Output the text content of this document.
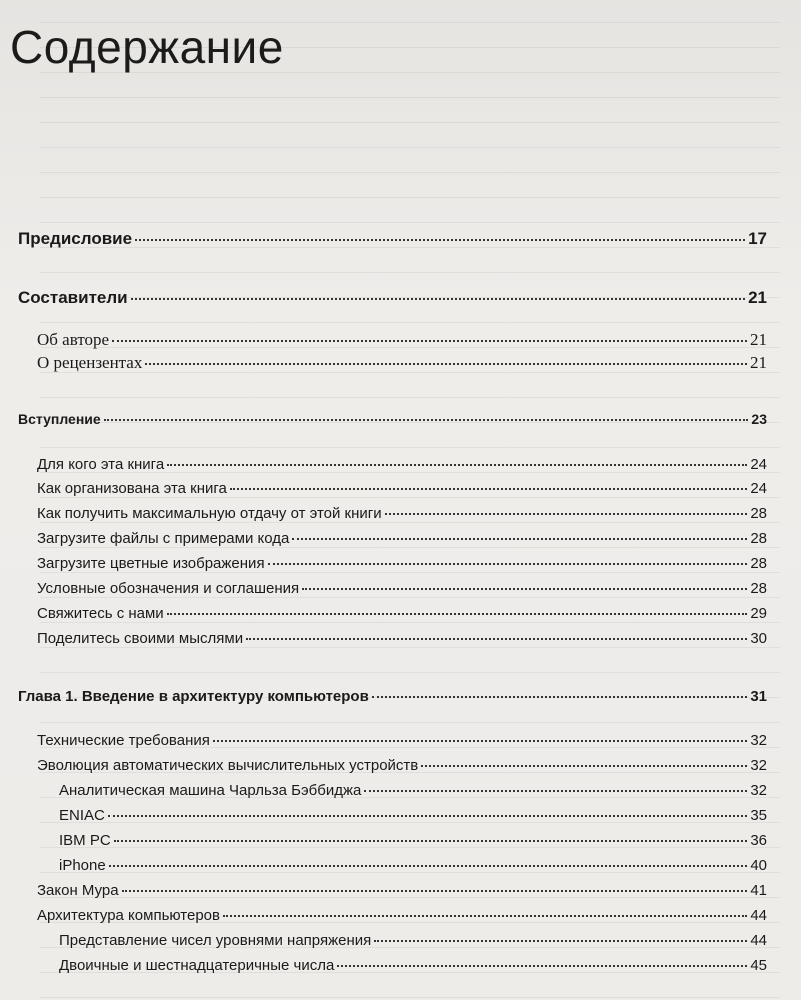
Содержание
Предисловие	17
Составители	21
Об авторе	21
О рецензентах	21
Вступление	23
Для кого эта книга	24
Как организована эта книга	24
Как получить максимальную отдачу от этой книги	28
Загрузите файлы с примерами кода	28
Загрузите цветные изображения	28
Условные обозначения и соглашения	28
Свяжитесь с нами	29
Поделитесь своими мыслями	30
Глава 1. Введение в архитектуру компьютеров	31
Технические требования	32
Эволюция автоматических вычислительных устройств	32
Аналитическая машина Чарльза Бэббиджа	32
ENIAC	35
IBM PC	36
iPhone	40
Закон Мура	41
Архитектура компьютеров	44
Представление чисел уровнями напряжения	44
Двоичные и шестнадцатеричные числа	45
